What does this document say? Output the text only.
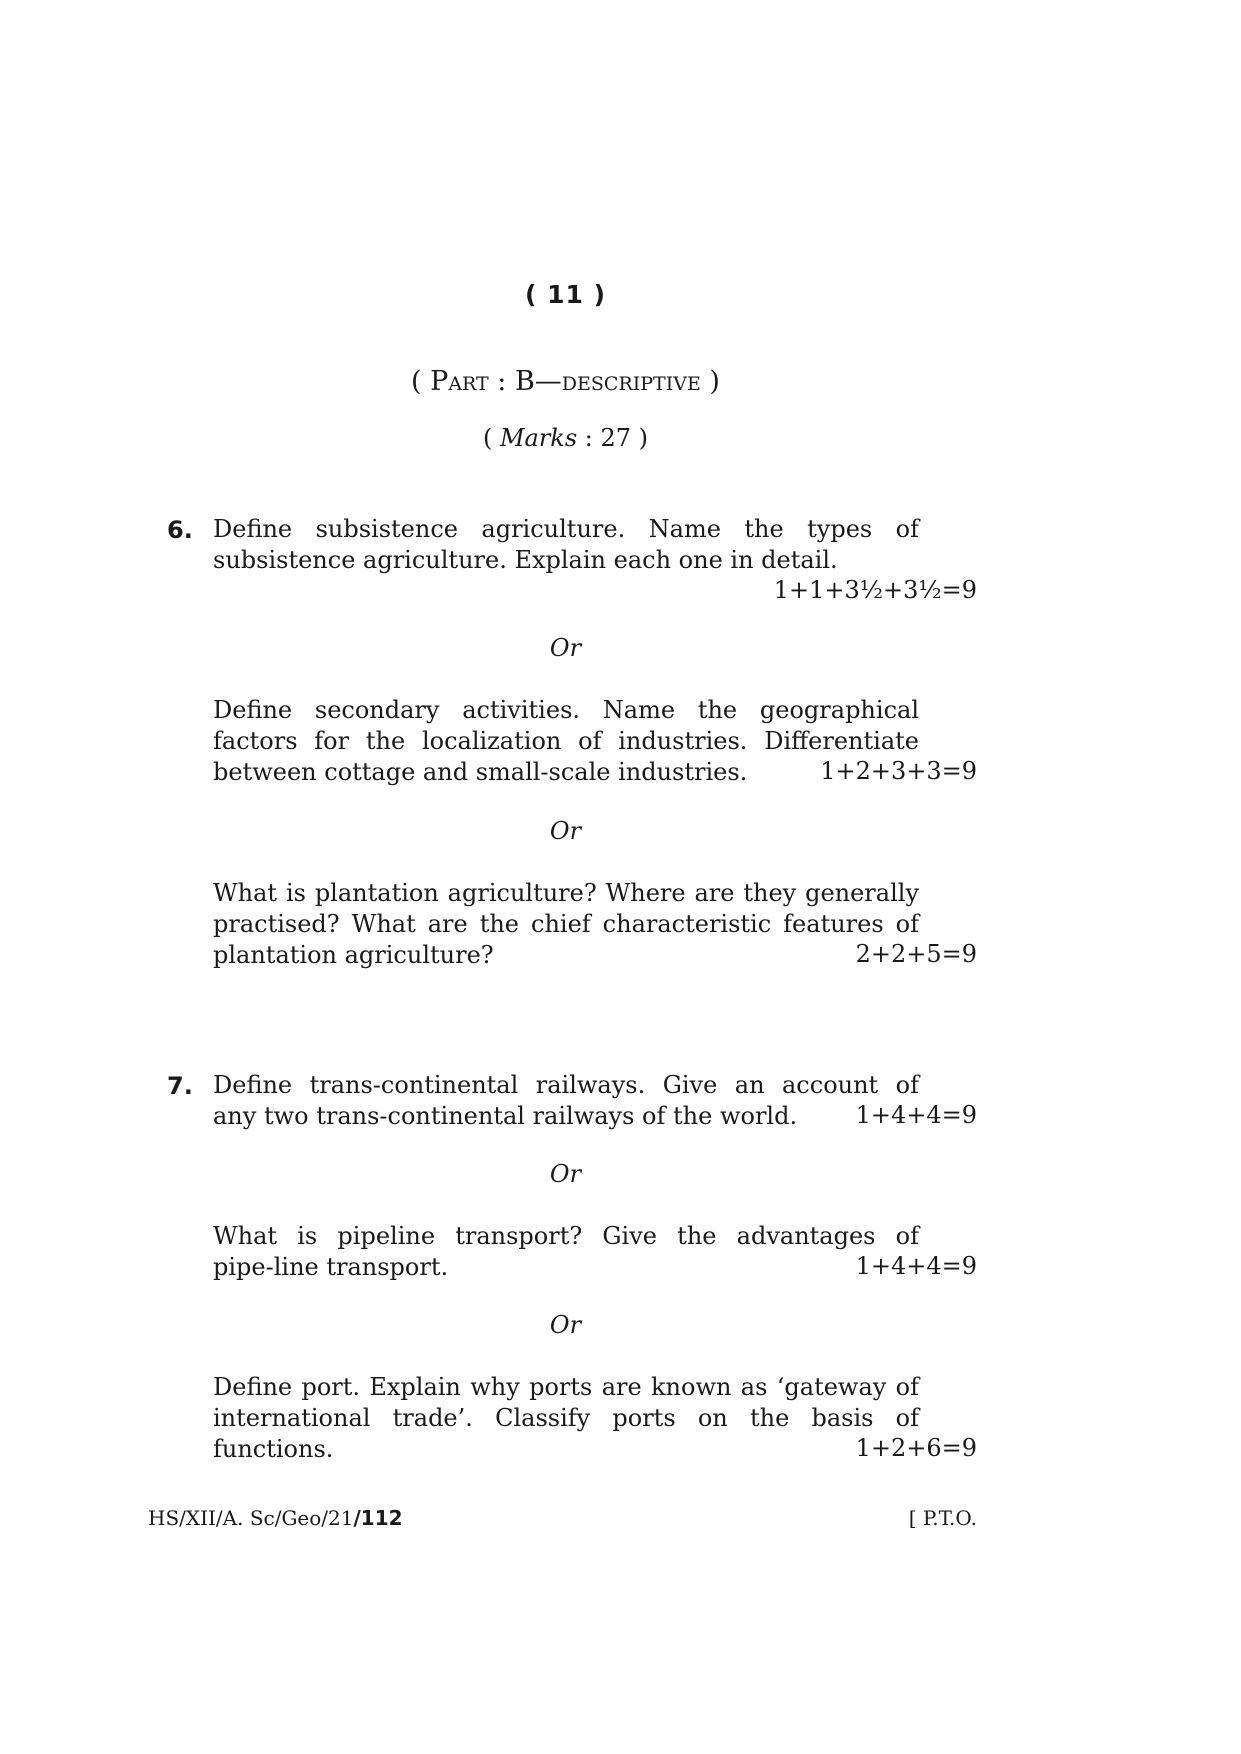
( 11 )
( Part : B—descriptive )
( Marks : 27 )
6. Define subsistence agriculture. Name the types of
subsistence agriculture. Explain each one in detail.
1+1+3½+3½=9
Or
Define secondary activities. Name the geographical
factors for the localization of industries. Differentiate
between cottage and small-scale industries.	1+2+3+3=9
Or
What is plantation agriculture? Where are they generally
practised? What are the chief characteristic features of
plantation agriculture?	2+2+5=9
7. Define trans-continental railways. Give an account of
any two trans-continental railways of the world.	1+4+4=9
Or
What is pipeline transport? Give the advantages of
pipe-line transport.	1+4+4=9
Or
Define port. Explain why ports are known as ‘gateway of
international trade’. Classify ports on the basis of
functions.	1+2+6=9
HS/XII/A. Sc/Geo/21/112	[ P.T.O.
